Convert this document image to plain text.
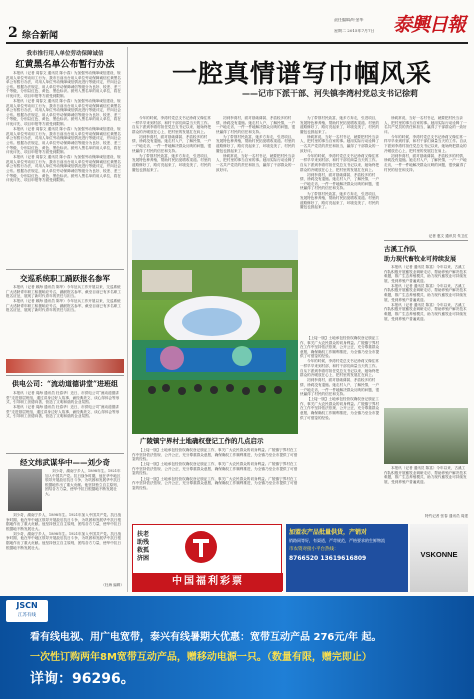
2 综合新闻
责任编辑/叶金华
星期二 2015年7月7日 泰興日報
我市推行用人单位劳动保障诚信
红黄黑名单公布暂行办法

本报讯（记者 周春文 通讯员 陈小春）为加强劳动保障诚信建设，规范用人单位劳动用工行为，我市日前出台用人单位劳动保障诚信红黄黑名单公布暂行办法，对用人单位劳动保障诚信情况进行等级评定，并向社会公布。根据办法规定，用人单位劳动保障诚信等级分为良好、较差、差三个等级，分别以红色、黄色、黑色标识。被列入黑名单的用人单位，将在评优评先、项目申报等方面受到限制。

本报讯（记者 周春文 通讯员 陈小春）为加强劳动保障诚信建设，规范用人单位劳动用工行为，我市日前出台用人单位劳动保障诚信红黄黑名单公布暂行办法，对用人单位劳动保障诚信情况进行等级评定，并向社会公布。根据办法规定，用人单位劳动保障诚信等级分为良好、较差、差三个等级，分别以红色、黄色、黑色标识。被列入黑名单的用人单位，将在评优评先、项目申报等方面受到限制。

本报讯（记者 周春文 通讯员 陈小春）为加强劳动保障诚信建设，规范用人单位劳动用工行为，我市日前出台用人单位劳动保障诚信红黄黑名单公布暂行办法，对用人单位劳动保障诚信情况进行等级评定，并向社会公布。根据办法规定，用人单位劳动保障诚信等级分为良好、较差、差三个等级，分别以红色、黄色、黑色标识。被列入黑名单的用人单位，将在评优评先、项目申报等方面受到限制。

本报讯（记者 周春文 通讯员 陈小春）为加强劳动保障诚信建设，规范用人单位劳动用工行为，我市日前出台用人单位劳动保障诚信红黄黑名单公布暂行办法，对用人单位劳动保障诚信情况进行等级评定，并向社会公布。根据办法规定，用人单位劳动保障诚信等级分为良好、较差、差三个等级，分别以红色、黄色、黑色标识。被列入黑名单的用人单位，将在评优评先、项目申报等方面受到限制。

交巡系统职工踊跃报名参军

本报讯（记者 顾海 通讯员 陈华）今年征兵工作开展以来，交巡系统广大适龄青年职工积极响应号召，踊跃报名参军，截至目前已有多名职工报名应征，展现了新时代青年的责任与担当。

本报讯（记者 顾海 通讯员 陈华）今年征兵工作开展以来，交巡系统广大适龄青年职工积极响应号召，踊跃报名参军，截至目前已有多名职工报名应征，展现了新时代青年的责任与担当。

供电公司：“流动道德讲堂”进班组

本报讯（记者 周海 通讯员 杜春华）近日，市供电公司“流动道德讲堂”走进基层班组，通过讲身边好人故事、诵经典美文、谈心得体会等形式，引导职工崇德向善，营造了文明和谐的企业氛围。

本报讯（记者 周海 通讯员 杜春华）近日，市供电公司“流动道德讲堂”走进基层班组，通过讲身边好人故事、诵经典美文、谈心得体会等形式，引导职工崇德向善，营造了文明和谐的企业氛围。

经文纬武谋华中——刘少奇

刘少奇，湖南宁乡人，1898年生。1921年加入中国共产党。抗日战争时期，他在华中地区领导开展敌后抗日斗争，为巩固和发展华中抗日根据地作出了重大贡献。他坚持独立自主原则，团结各方力量，使华中抗日根据地不断发展壮大。

刘少奇，湖南宁乡人，1898年生。1921年加入中国共产党。抗日战争时期，他在华中地区领导开展敌后抗日斗争，为巩固和发展华中抗日根据地作出了重大贡献。他坚持独立自主原则，团结各方力量，使华中抗日根据地不断发展壮大。

刘少奇，湖南宁乡人，1898年生。1921年加入中国共产党。抗日战争时期，他在华中地区领导开展敌后抗日斗争，为巩固和发展华中抗日根据地作出了重大贡献。他坚持独立自主原则，团结各方力量，使华中抗日根据地不断发展壮大。

（杜海 编辑）
一腔真情谱写巾帼风采
——记市下派干部、河失镇李湾村党总支书记徐莉

今年的时候，李湾村党总支书记徐莉又像往常一样早早来到村部，和村干部们商量当天的工作。自从下派到李湾村担任党总支书记以来，她始终把群众的冷暖放在心上，把村里的发展扛在肩上。

初到李湾村，面对基础薄弱、矛盾较多的村情，徐莉没有退缩。她走村入户，了解民情，一户一户地走访，一件一件地解决群众反映的问题，很快赢得了村民的信任和支持。

为了带领村民致富，她多方奔走，引进项目，发展特色种养殖，帮助村民拓宽增收渠道。村里的道路修好了，路灯亮起来了，环境变美了，村民的腰包也鼓起来了。

初到李湾村，面对基础薄弱、矛盾较多的村情，徐莉没有退缩。她走村入户，了解民情，一户一户地走访，一件一件地解决群众反映的问题，很快赢得了村民的信任和支持。

为了带领村民致富，她多方奔走，引进项目，发展特色种养殖，帮助村民拓宽增收渠道。村里的道路修好了，路灯亮起来了，环境变美了，村民的腰包也鼓起来了。

徐莉常说，当好一名村书记，就要把村民当亲人，把村里的事当自家的事。她用实际行动诠释了一名共产党员的责任和担当，赢得了干部群众的一致好评。

为了带领村民致富，她多方奔走，引进项目，发展特色种养殖，帮助村民拓宽增收渠道。村里的道路修好了，路灯亮起来了，环境变美了，村民的腰包也鼓起来了。

徐莉常说，当好一名村书记，就要把村民当亲人，把村里的事当自家的事。她用实际行动诠释了一名共产党员的责任和担当，赢得了干部群众的一致好评。

今年的时候，李湾村党总支书记徐莉又像往常一样早早来到村部，和村干部们商量当天的工作。自从下派到李湾村担任党总支书记以来，她始终把群众的冷暖放在心上，把村里的发展扛在肩上。

初到李湾村，面对基础薄弱、矛盾较多的村情，徐莉没有退缩。她走村入户，了解民情，一户一户地走访，一件一件地解决群众反映的问题，很快赢得了村民的信任和支持。

为了带领村民致富，她多方奔走，引进项目，发展特色种养殖，帮助村民拓宽增收渠道。村里的道路修好了，路灯亮起来了，环境变美了，村民的腰包也鼓起来了。

徐莉常说，当好一名村书记，就要把村民当亲人，把村里的事当自家的事。她用实际行动诠释了一名共产党员的责任和担当，赢得了干部群众的一致好评。

今年的时候，李湾村党总支书记徐莉又像往常一样早早来到村部，和村干部们商量当天的工作。自从下派到李湾村担任党总支书记以来，她始终把群众的冷暖放在心上，把村里的发展扛在肩上。

初到李湾村，面对基础薄弱、矛盾较多的村情，徐莉没有退缩。她走村入户，了解民情，一户一户地走访，一件一件地解决群众反映的问题，很快赢得了村民的信任和支持。

记者 惠文 通讯员 朱卫红
广陵镇宁界村土地确权登记工作的几点启示

【上接一版】土地承包经营权确权登记颁证工作，事关广大农民群众的切身利益。广陵镇宁界村在工作中坚持依法依规、公开公正，充分尊重群众意愿，确保确权工作顺利推进，为全镇乃至全市提供了可借鉴的经验。

【上接一版】土地承包经营权确权登记颁证工作，事关广大农民群众的切身利益。广陵镇宁界村在工作中坚持依法依规、公开公正，充分尊重群众意愿，确保确权工作顺利推进，为全镇乃至全市提供了可借鉴的经验。

【上接一版】土地承包经营权确权登记颁证工作，事关广大农民群众的切身利益。广陵镇宁界村在工作中坚持依法依规、公开公正，充分尊重群众意愿，确保确权工作顺利推进，为全镇乃至全市提供了可借鉴的经验。

【上接一版】土地承包经营权确权登记颁证工作，事关广大农民群众的切身利益。广陵镇宁界村在工作中坚持依法依规、公开公正，充分尊重群众意愿，确保确权工作顺利推进，为全镇乃至全市提供了可借鉴的经验。

今年的时候，李湾村党总支书记徐莉又像往常一样早早来到村部，和村干部们商量当天的工作。自从下派到李湾村担任党总支书记以来，她始终把群众的冷暖放在心上，把村里的发展扛在肩上。

初到李湾村，面对基础薄弱、矛盾较多的村情，徐莉没有退缩。她走村入户，了解民情，一户一户地走访，一件一件地解决群众反映的问题，很快赢得了村民的信任和支持。

【上接一版】土地承包经营权确权登记颁证工作，事关广大农民群众的切身利益。广陵镇宁界村在工作中坚持依法依规、公开公正，充分尊重群众意愿，确保确权工作顺利推进，为全镇乃至全市提供了可借鉴的经验。

古溪工作队
助力现代畜牧业可持续发展

本报讯（记者 通讯员 陈富）今年以来，古溪工作队积极开展畜牧业调研走访，帮助养殖户解决技术难题，推广生态养殖模式，助力现代畜牧业可持续发展，受到养殖户普遍欢迎。

本报讯（记者 通讯员 陈富）今年以来，古溪工作队积极开展畜牧业调研走访，帮助养殖户解决技术难题，推广生态养殖模式，助力现代畜牧业可持续发展，受到养殖户普遍欢迎。

本报讯（记者 通讯员 陈富）今年以来，古溪工作队积极开展畜牧业调研走访，帮助养殖户解决技术难题，推广生态养殖模式，助力现代畜牧业可持续发展，受到养殖户普遍欢迎。

本报讯（记者 通讯员 陈富）今年以来，古溪工作队积极开展畜牧业调研走访，帮助养殖户解决技术难题，推广生态养殖模式，助力现代畜牧业可持续发展，受到养殖户普遍欢迎。

特约记者 张春 通讯员 周建
扶老
助残
救孤
济困
中国福利彩票
加盟农产品批量供货，产销对
销路同等好，有渠道，严苛规范，严格要求的生鲜物流
市农资对接小平台热线：
8766520 13619616809	VSKONNE
JSCN
江苏有线
看有线电视、用广电宽带，泰兴有线暑期大优惠：宽带互动产品 276元/年 起。
一次性订购两年8M宽带互动产品，赠移动电源一只。（数量有限，赠完即止）
详询：96296。
